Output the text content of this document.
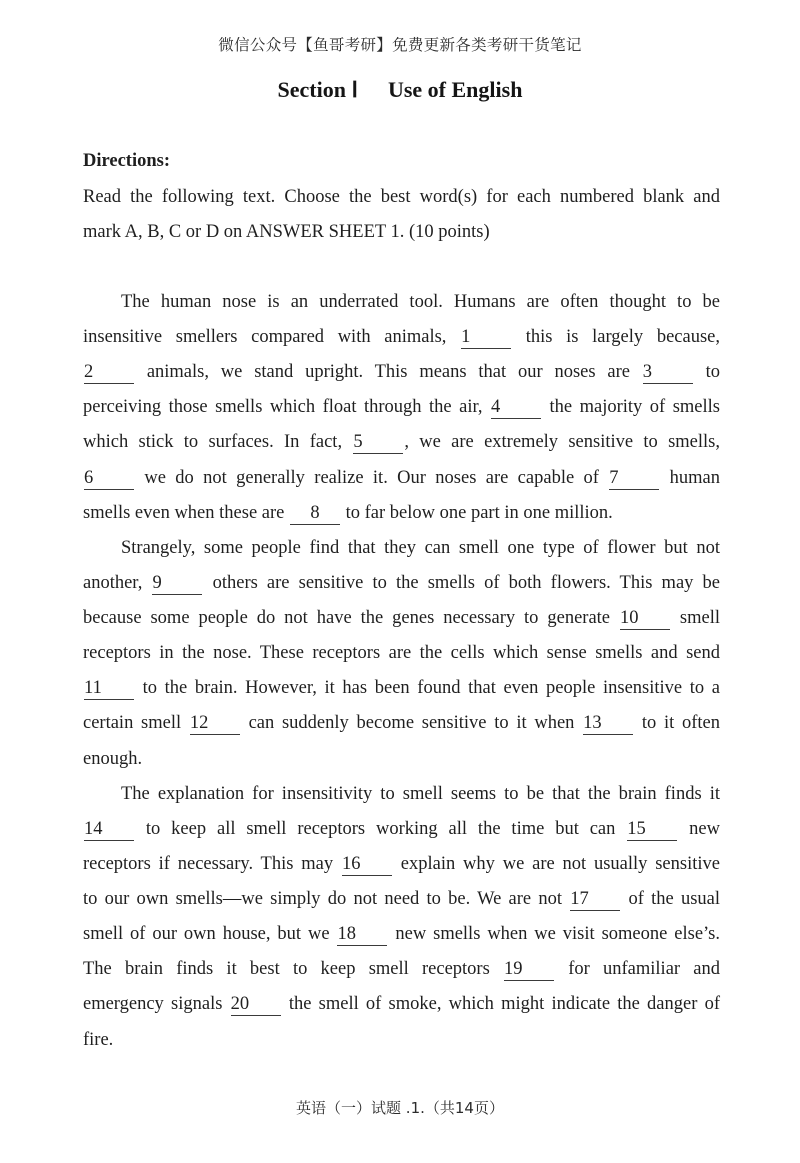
微信公众号【鱼哥考研】免费更新各类考研干货笔记
Section Ⅰ Use of English
Directions:
Read the following text. Choose the best word(s) for each numbered blank and
mark A, B, C or D on ANSWER SHEET 1. (10 points)
The human nose is an underrated tool. Humans are often thought to be
insensitive smellers compared with animals, 1 this is largely because,
2 animals, we stand upright. This means that our noses are 3 to
perceiving those smells which float through the air, 4 the majority of smells
which stick to surfaces. In fact, 5 , we are extremely sensitive to smells,
6 we do not generally realize it. Our noses are capable of 7 human
smells even when these are 8 to far below one part in one million.
Strangely, some people find that they can smell one type of flower but not
another, 9 others are sensitive to the smells of both flowers. This may be
because some people do not have the genes necessary to generate 10 smell
receptors in the nose. These receptors are the cells which sense smells and send
11 to the brain. However, it has been found that even people insensitive to a
certain smell 12 can suddenly become sensitive to it when 13 to it often
enough.
The explanation for insensitivity to smell seems to be that the brain finds it
14 to keep all smell receptors working all the time but can 15 new
receptors if necessary. This may 16 explain why we are not usually sensitive
to our own smells—we simply do not need to be. We are not 17 of the usual
smell of our own house, but we 18 new smells when we visit someone else’s.
The brain finds it best to keep smell receptors 19 for unfamiliar and
emergency signals 20 the smell of smoke, which might indicate the danger of
fire.
英语（一）试题 .1.（共14页）
